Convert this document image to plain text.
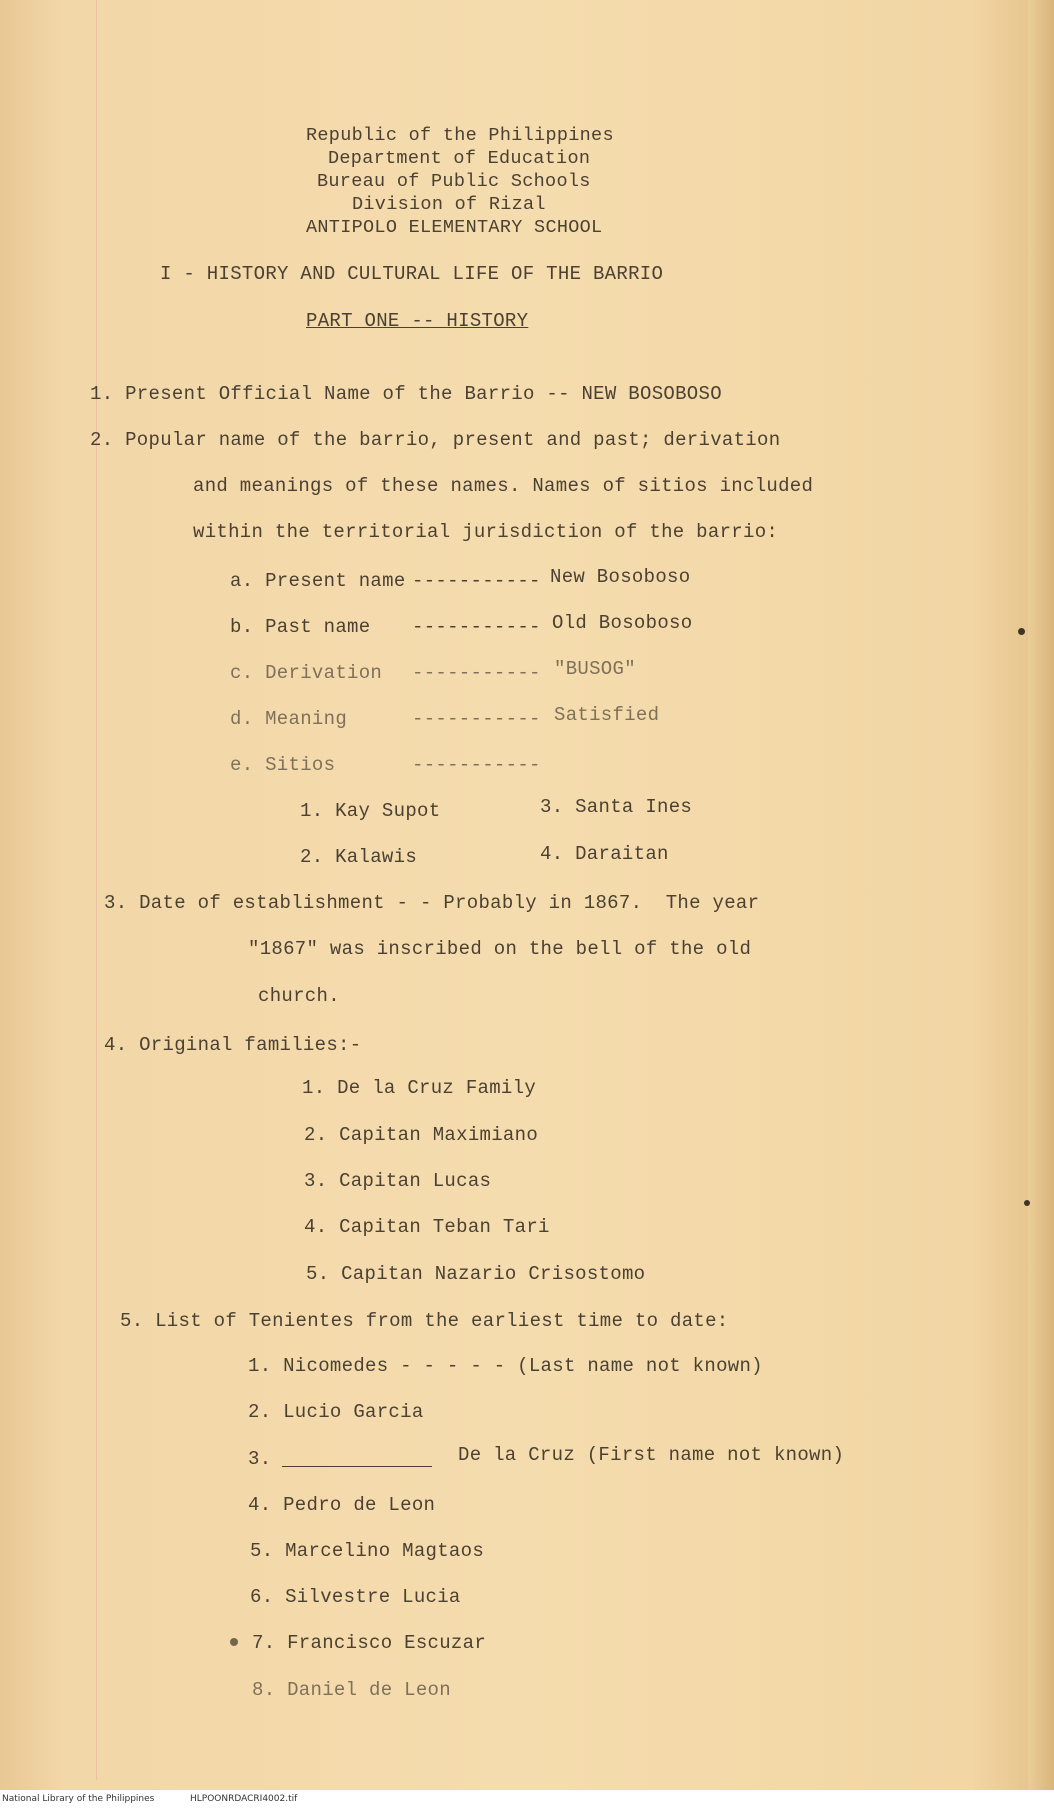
Republic of the Philippines
Department of Education
Bureau of Public Schools
Division of Rizal
ANTIPOLO ELEMENTARY SCHOOL
I - HISTORY AND CULTURAL LIFE OF THE BARRIO
PART ONE -- HISTORY
1. Present Official Name of the Barrio -- NEW BOSOBOSO
2. Popular name of the barrio, present and past; derivation
and meanings of these names. Names of sitios included
within the territorial jurisdiction of the barrio:
a. Present name ----------- New Bosoboso
b. Past name ----------- Old Bosoboso
c. Derivation ----------- "BUSOG"
d. Meaning	----------- Satisfied
e. Sitios	-----------
1. Kay Supot	3. Santa Ines
2. Kalawis	4. Daraitan
3. Date of establishment - - Probably in 1867.  The year
"1867" was inscribed on the bell of the old
church.
4. Original families:-
1. De la Cruz Family
2. Capitan Maximiano
3. Capitan Lucas
4. Capitan Teban Tari
5. Capitan Nazario Crisostomo
5. List of Tenientes from the earliest time to date:
1. Nicomedes - - - - - (Last name not known)
2. Lucio Garcia
3.	De la Cruz (First name not known)
4. Pedro de Leon
5. Marcelino Magtaos
6. Silvestre Lucia
7. Francisco Escuzar
8. Daniel de Leon
National Library of the Philippines	HLPOONRDACRI4002.tif
